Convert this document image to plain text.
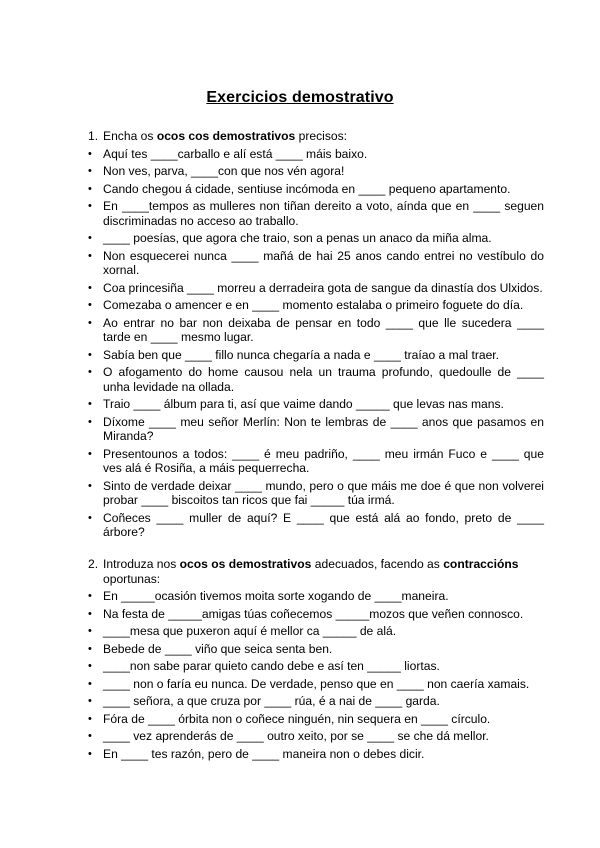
Exercicios demostrativo
1. Encha os ocos cos demostrativos precisos:
• Aquí tes ____carballo e alí está ____ máis baixo.
• Non ves, parva, ____con que nos vén agora!
• Cando chegou á cidade, sentiuse incómoda en ____ pequeno apartamento.
• En ____tempos as mulleres non tiñan dereito a voto, aínda que en ____ seguen discriminadas no acceso ao traballo.
• ____ poesías, que agora che traio, son a penas un anaco da miña alma.
• Non esquecerei nunca ____ mañá de hai 25 anos cando entrei no vestíbulo do xornal.
• Coa princesiña ____ morreu a derradeira gota de sangue da dinastía dos Ulxidos.
• Comezaba o amencer e en ____ momento estalaba o primeiro foguete do día.
• Ao entrar no bar non deixaba de pensar en todo ____ que lle sucedera ____ tarde en ____ mesmo lugar.
• Sabía ben que ____ fillo nunca chegaría a nada e ____ traíao a mal traer.
• O afogamento do home causou nela un trauma profundo, quedoulle de ____ unha levidade na ollada.
• Traio ____ álbum para ti, así que vaime dando _____ que levas nas mans.
• Díxome ____ meu señor Merlín: Non te lembras de ____ anos que pasamos en Miranda?
• Presentounos a todos: ____ é meu padriño, ____ meu irmán Fuco e ____ que ves alá é Rosiña, a máis pequerrecha.
• Sinto de verdade deixar ____ mundo, pero o que máis me doe é que non volverei probar ____ biscoitos tan ricos que fai _____ túa irmá.
• Coñeces ____ muller de aquí? E ____ que está alá ao fondo, preto de ____ árbore?
2. Introduza nos ocos os demostrativos adecuados, facendo as contraccións oportunas:
• En _____ocasión tivemos moita sorte xogando de ____maneira.
• Na festa de _____amigas túas coñecemos _____mozos que veñen connosco.
• ____mesa que puxeron aquí é mellor ca _____ de alá.
• Bebede de ____ viño que seica senta ben.
• ____non sabe parar quieto cando debe e así ten _____ liortas.
• ____ non o faría eu nunca. De verdade, penso que en ____ non caería xamais.
• ____ señora, a que cruza por ____ rúa, é a nai de ____ garda.
• Fóra de ____ órbita non o coñece ninguén, nin sequera en ____ círculo.
• ____ vez aprenderás de ____ outro xeito, por se ____ se che dá mellor.
• En ____ tes razón, pero de ____ maneira non o debes dicir.
